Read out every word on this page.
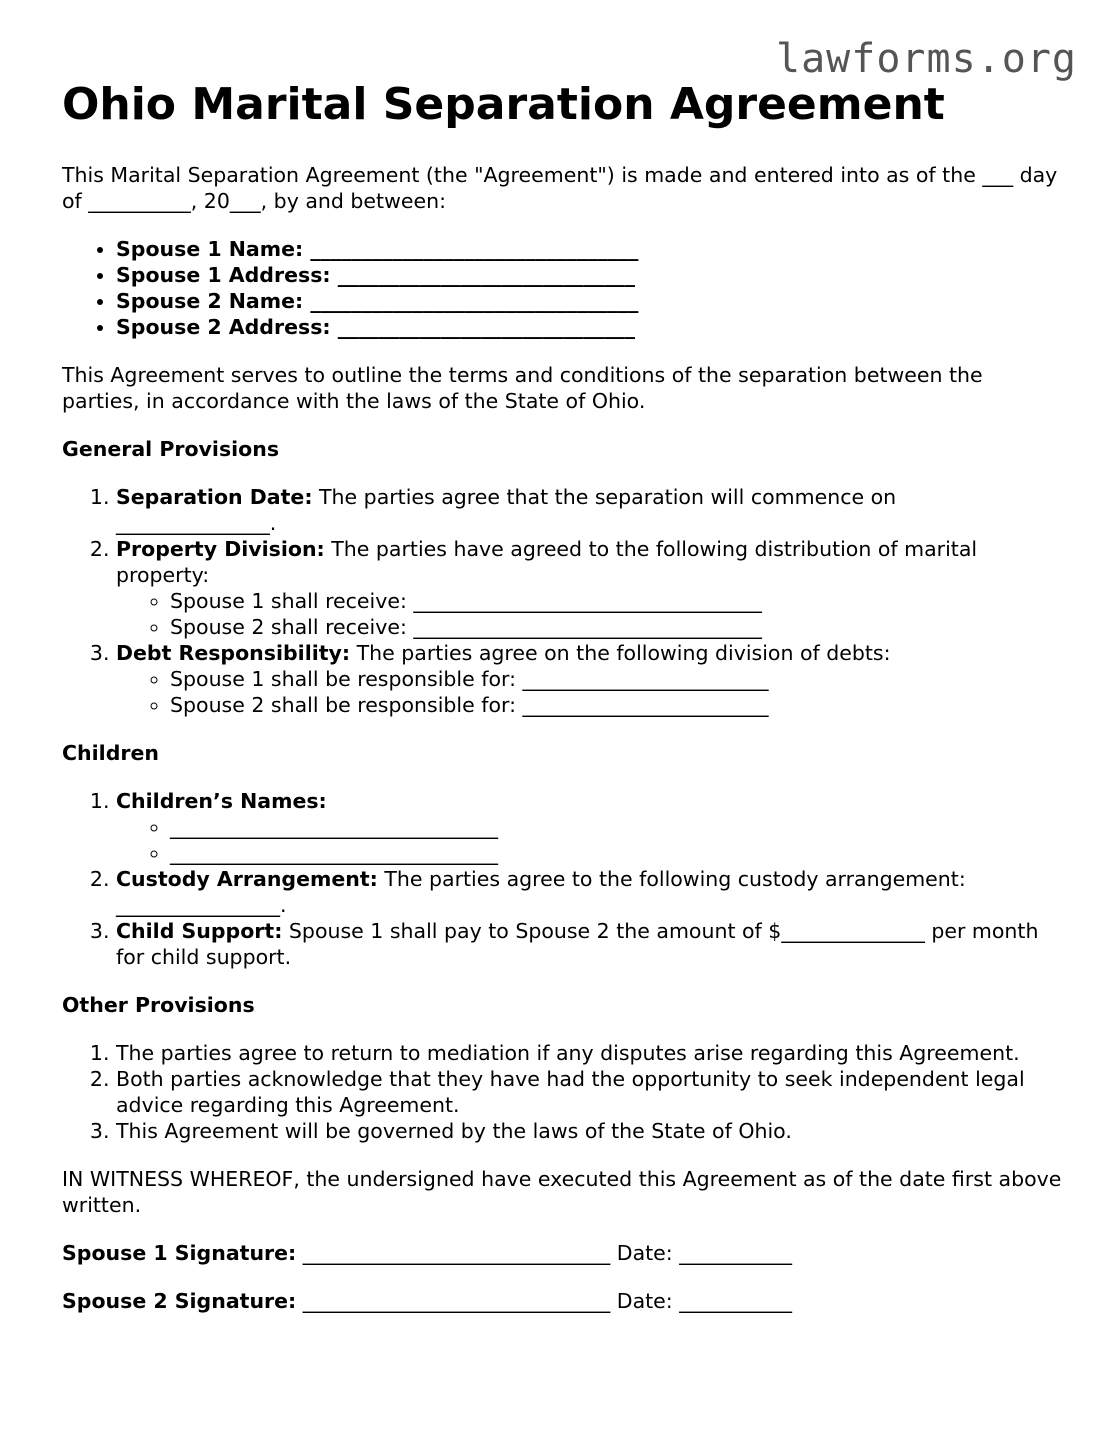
lawforms.org
Ohio Marital Separation Agreement

This Marital Separation Agreement (the "Agreement") is made and entered into as of the ___ day of __________, 20___, by and between:

• Spouse 1 Name: ________________________________
• Spouse 1 Address: _____________________________
• Spouse 2 Name: ________________________________
• Spouse 2 Address: _____________________________

This Agreement serves to outline the terms and conditions of the separation between the parties, in accordance with the laws of the State of Ohio.

General Provisions
1. Separation Date: The parties agree that the separation will commence on _______________.
2. Property Division: The parties have agreed to the following distribution of marital property:
◦ Spouse 1 shall receive: __________________________________
◦ Spouse 2 shall receive: __________________________________
3. Debt Responsibility: The parties agree on the following division of debts:
◦ Spouse 1 shall be responsible for: ________________________
◦ Spouse 2 shall be responsible for: ________________________
Children
1. Children’s Names:
◦ ________________________________
◦ ________________________________
2. Custody Arrangement: The parties agree to the following custody arrangement: ________________.
3. Child Support: Spouse 1 shall pay to Spouse 2 the amount of $______________ per month for child support.
Other Provisions
1. The parties agree to return to mediation if any disputes arise regarding this Agreement.
2. Both parties acknowledge that they have had the opportunity to seek independent legal advice regarding this Agreement.
3. This Agreement will be governed by the laws of the State of Ohio.

IN WITNESS WHEREOF, the undersigned have executed this Agreement as of the date first above written.

Spouse 1 Signature: ______________________________ Date: ___________

Spouse 2 Signature: ______________________________ Date: ___________
